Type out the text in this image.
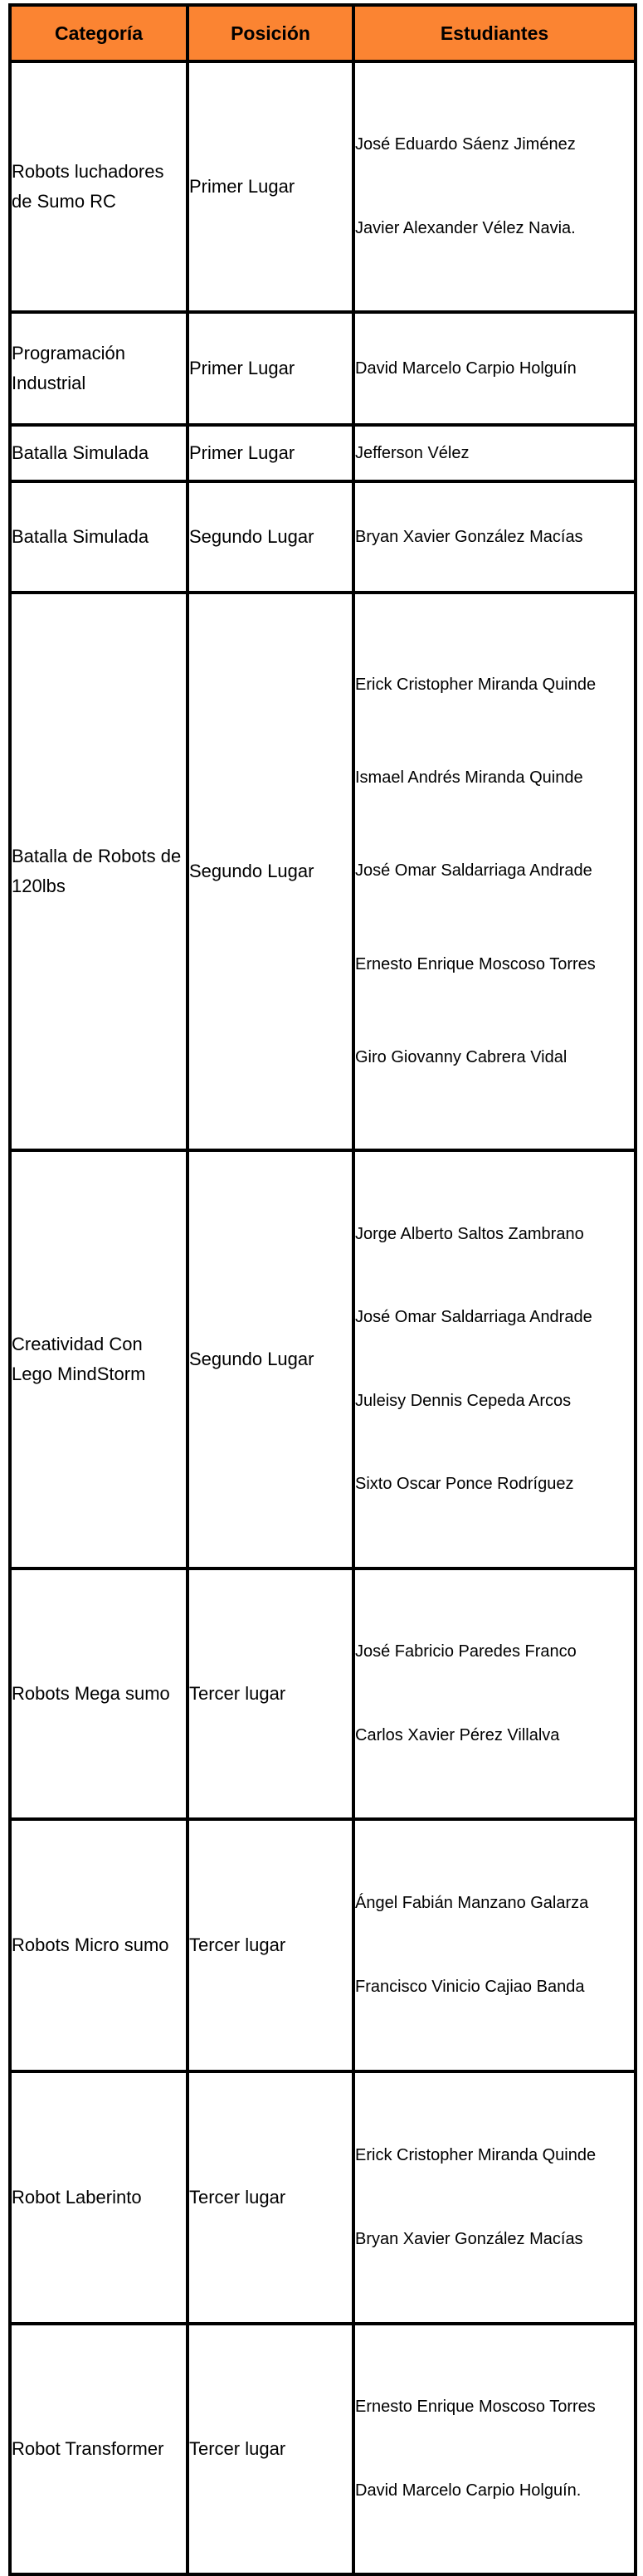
Categoría	Posición	Estudiantes
Robots luchadores de Sumo RC	Primer Lugar	José Eduardo Sáenz Jiménez
Javier Alexander Vélez Navia.

Programación Industrial	Primer Lugar	David Marcelo Carpio Holguín

Batalla Simulada	Primer Lugar	Jefferson Vélez

Batalla Simulada	Segundo Lugar	Bryan Xavier González Macías

Batalla de Robots de 120lbs	Segundo Lugar	Erick Cristopher Miranda Quinde
Ismael Andrés Miranda Quinde
José Omar Saldarriaga Andrade
Ernesto Enrique Moscoso Torres
Giro Giovanny Cabrera Vidal

Creatividad Con Lego MindStorm	Segundo Lugar	Jorge Alberto Saltos Zambrano
José Omar Saldarriaga Andrade
Juleisy Dennis Cepeda Arcos
Sixto Oscar Ponce Rodríguez

Robots Mega sumo	Tercer lugar	José Fabricio Paredes Franco
Carlos Xavier Pérez Villalva

Robots Micro sumo	Tercer lugar	Ángel Fabián Manzano Galarza
Francisco Vinicio Cajiao Banda

Robot Laberinto	Tercer lugar	Erick Cristopher Miranda Quinde
Bryan Xavier González Macías

Robot Transformer	Tercer lugar	Ernesto Enrique Moscoso Torres
David Marcelo Carpio Holguín.
